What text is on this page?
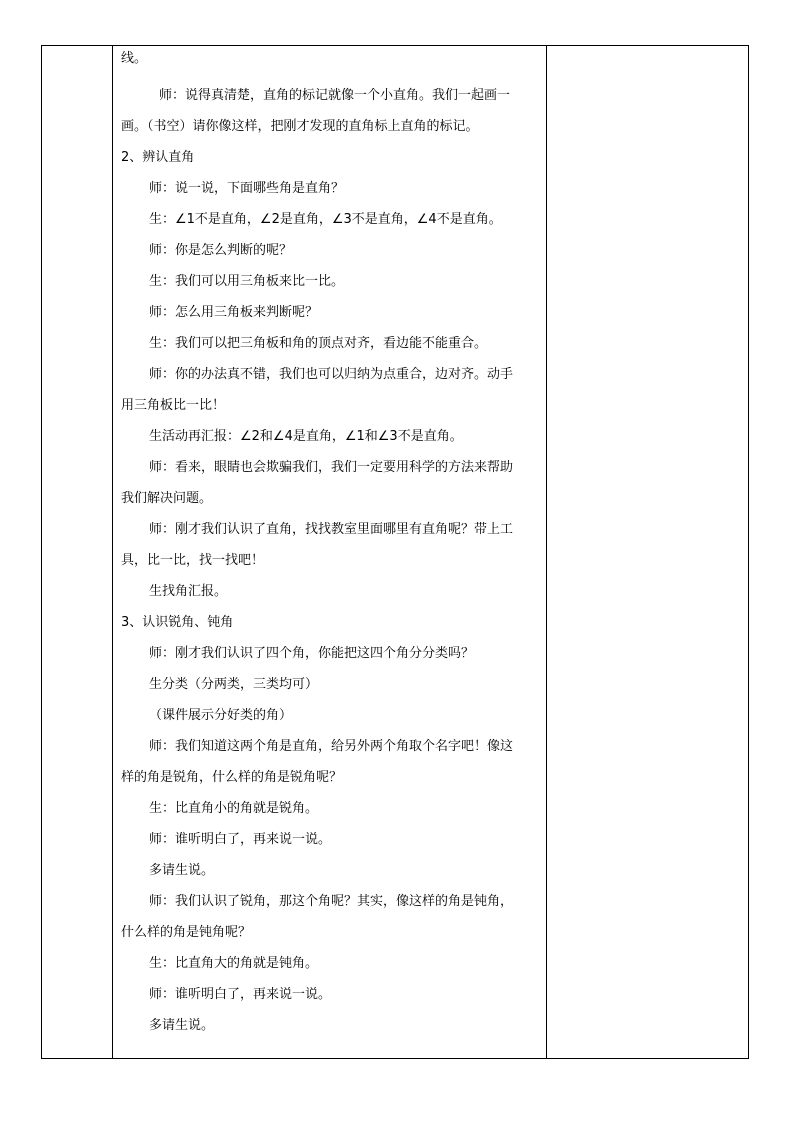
线。
师：说得真清楚，直角的标记就像一个小直角。我们一起画一
画。（书空）请你像这样，把刚才发现的直角标上直角的标记。
2、辨认直角
师：说一说，下面哪些角是直角？
生：∠1不是直角，∠2是直角，∠3不是直角，∠4不是直角。
师：你是怎么判断的呢？
生：我们可以用三角板来比一比。
师：怎么用三角板来判断呢？
生：我们可以把三角板和角的顶点对齐，看边能不能重合。
师：你的办法真不错，我们也可以归纳为点重合，边对齐。动手
用三角板比一比！
生活动再汇报：∠2和∠4是直角，∠1和∠3不是直角。
师：看来，眼睛也会欺骗我们，我们一定要用科学的方法来帮助
我们解决问题。
师：刚才我们认识了直角，找找教室里面哪里有直角呢？带上工
具，比一比，找一找吧！
生找角汇报。
3、认识锐角、钝角
师：刚才我们认识了四个角，你能把这四个角分分类吗？
生分类（分两类，三类均可）
（课件展示分好类的角）
师：我们知道这两个角是直角，给另外两个角取个名字吧！像这
样的角是锐角，什么样的角是锐角呢？
生：比直角小的角就是锐角。
师：谁听明白了，再来说一说。
多请生说。
师：我们认识了锐角，那这个角呢？其实，像这样的角是钝角，
什么样的角是钝角呢？
生：比直角大的角就是钝角。
师：谁听明白了，再来说一说。
多请生说。
